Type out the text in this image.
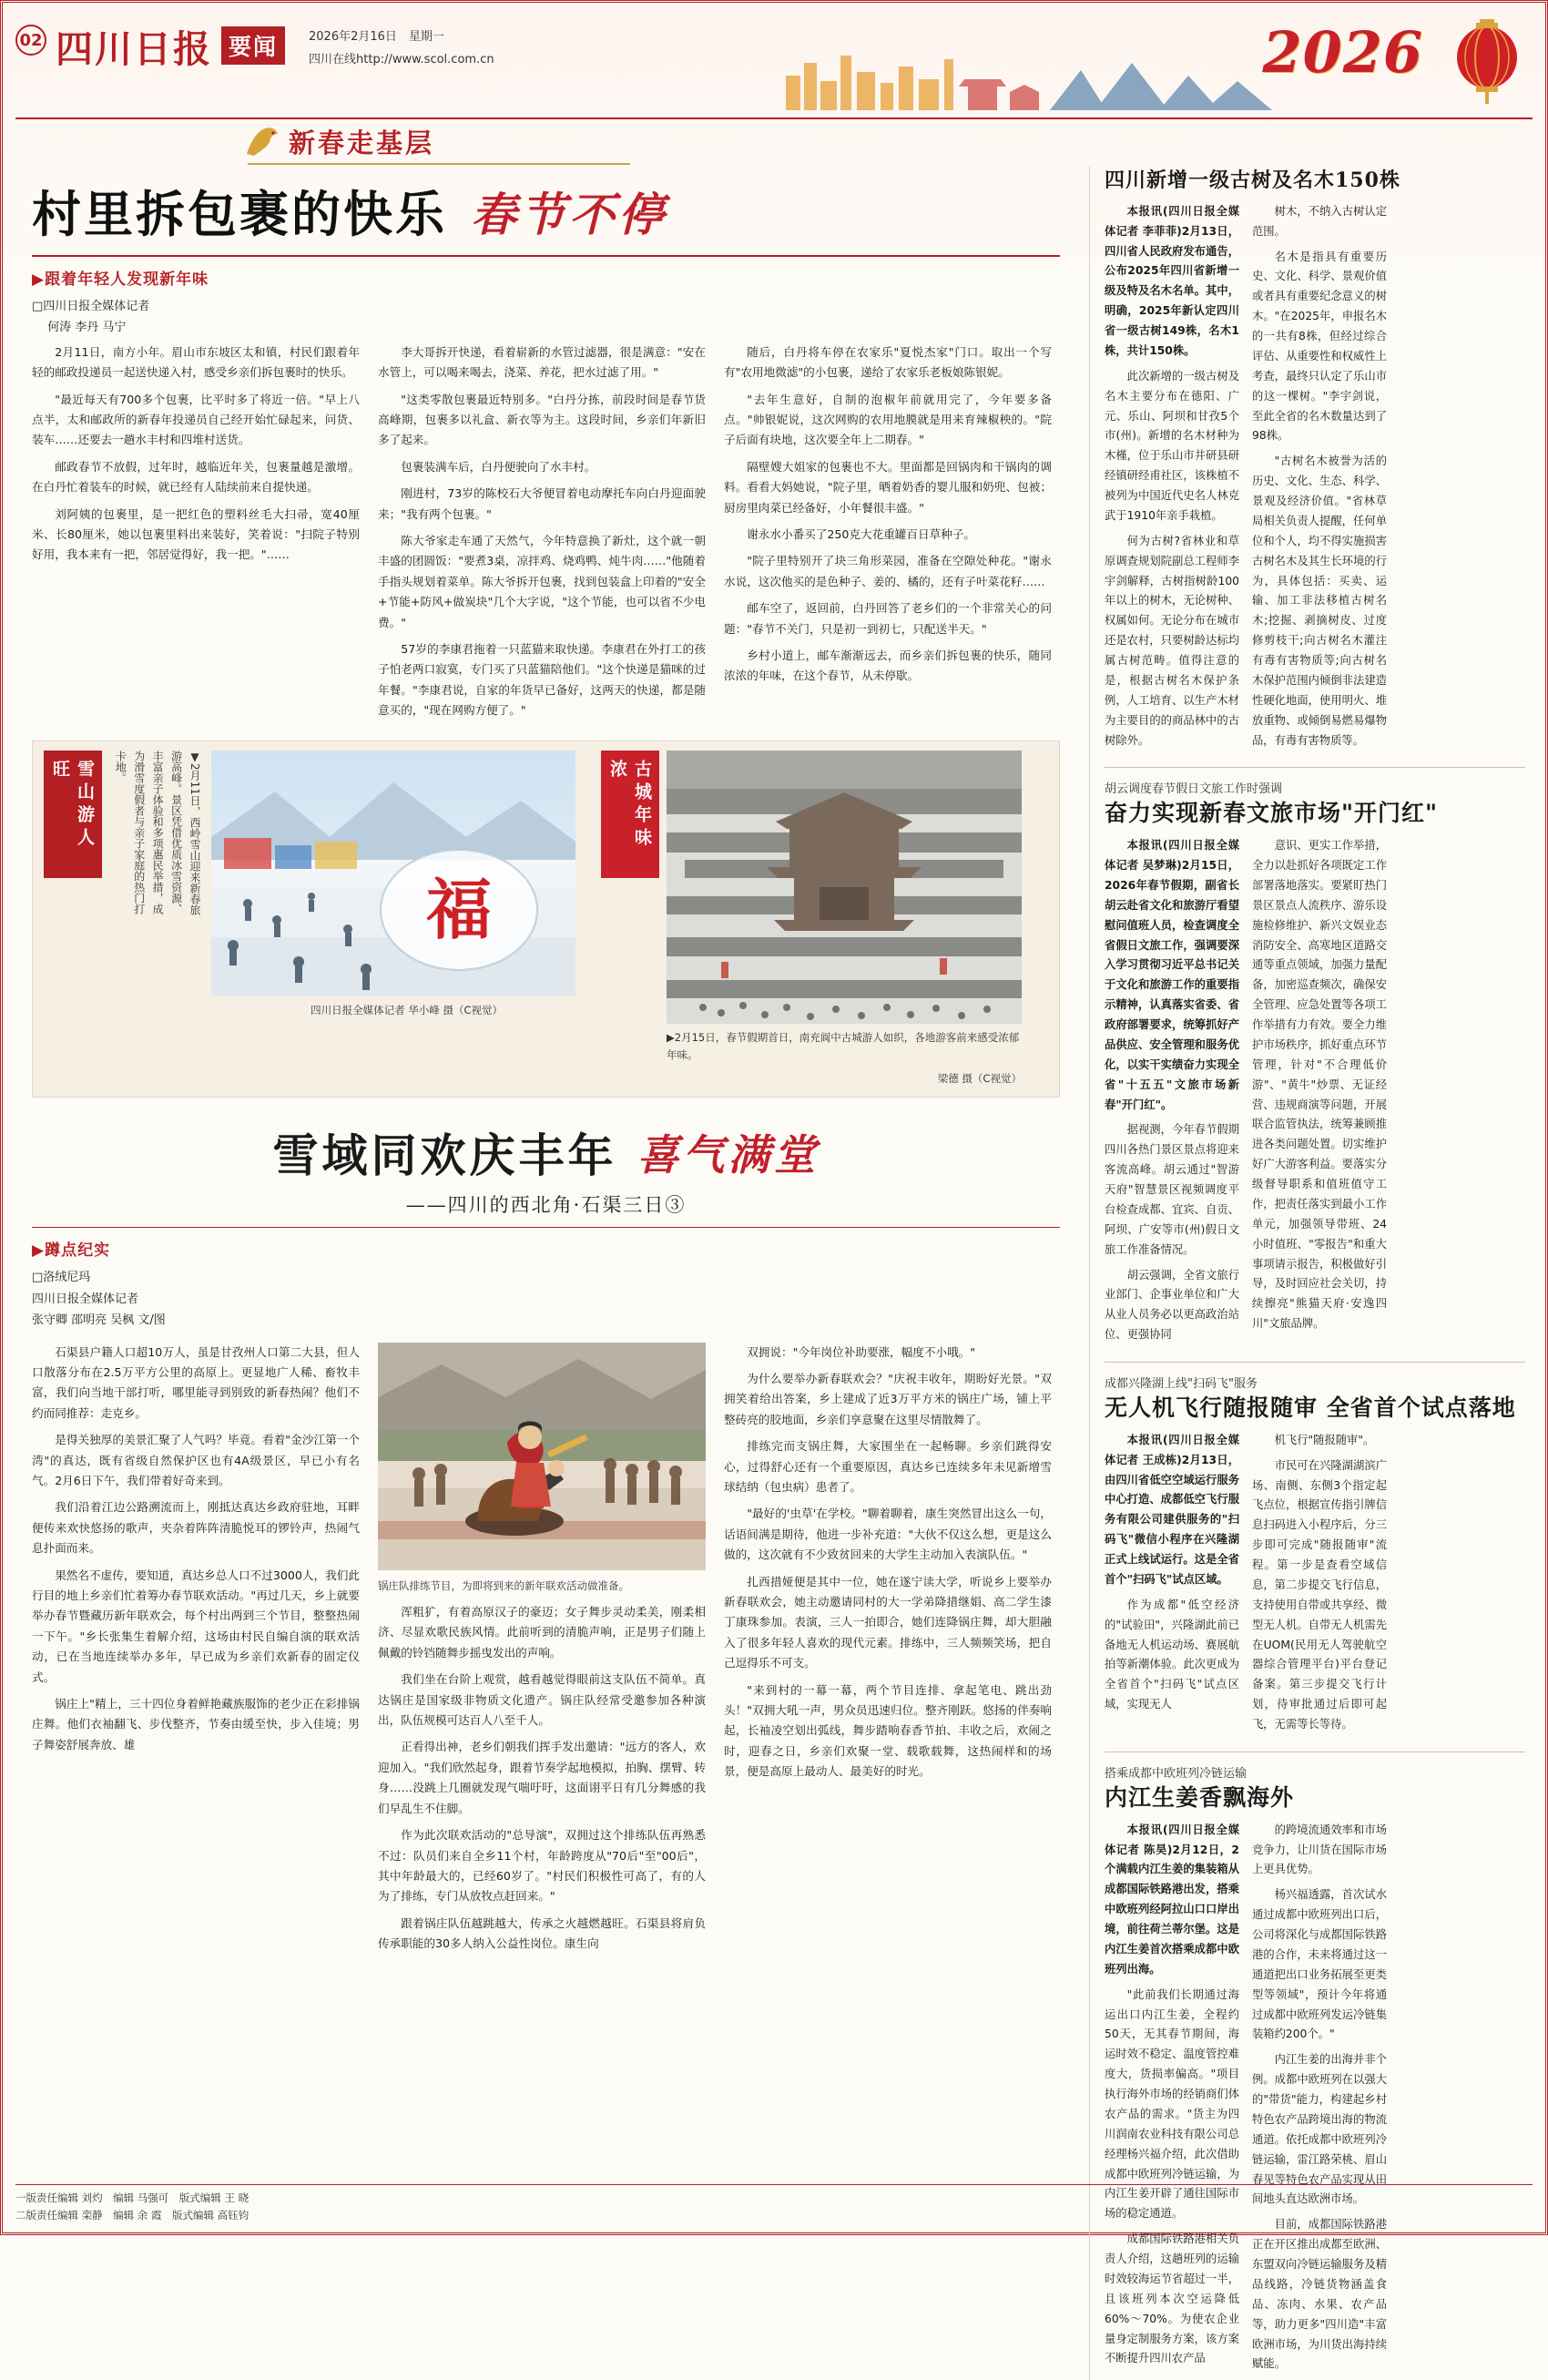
02 四川日报 要闻	2026年2月16日　星期一
四川在线http://www.scol.com.cn	2026
新春走基层
村里拆包裹的快乐 春节不停
▶跟着年轻人发现新年味
□四川日报全媒体记者
　 何涛 李丹 马宁

2月11日，南方小年。眉山市东坡区太和镇，村民们跟着年轻的邮政投递员一起送快递入村，感受乡亲们拆包裹时的快乐。

"最近每天有700多个包裹，比平时多了将近一倍。"早上八点半，太和邮政所的新春年投递员自己经开始忙碌起来，问货、装车……还要去一趟水丰村和四堆村送货。

邮政春节不放假，过年时，越临近年关，包裹量越是激增。在白丹忙着装车的时候，就已经有人陆续前来自提快递。

刘阿姨的包裹里，是一把红色的塑料丝毛大扫帚，宽40厘米、长80厘米，她以包裹里料出来装好，笑着说："扫院子特别好用，我本来有一把，邻居觉得好，我一把。"……

李大哥拆开快递，看着崭新的水管过滤器，很是满意："安在水管上，可以喝来喝去，浇菜、养花，把水过滤了用。"

"这类零散包裹最近特别多。"白丹分拣，前段时间是春节货高峰期，包裹多以礼盒、新衣等为主。这段时间，乡亲们年新旧多了起来。

包裹装满车后，白丹便驶向了水丰村。

刚进村，73岁的陈校石大爷便冒着电动摩托车向白丹迎面驶来；"我有两个包裹。"

陈大爷家走车通了天然气，今年特意换了新灶，这个就一朝丰盛的团圆饭："要煮3桌，凉拌鸡、烧鸡鸭、炖牛肉……"他随着手指头规划着菜单。陈大爷拆开包裹，找到包装盒上印着的"安全+节能+防风+做炭块"几个大字说，"这个节能，也可以省不少电费。"

57岁的李康君拖着一只蓝猫来取快递。李康君在外打工的孩子怕老两口寂寞，专门买了只蓝猫陪他们。"这个快递是猫咪的过年餐。"李康君说，自家的年货早已备好，这两天的快递，都是随意买的，"现在网购方便了。"

随后，白丹将车停在农家乐"夏悦杰家"门口。取出一个写有"农用地微滤"的小包裹，递给了农家乐老板娘陈银妮。

"去年生意好，自制的泡椒年前就用完了，今年要多备点。"帅银妮说，这次网购的农用地膜就是用来育辣椒秧的。"院子后面有块地，这次要全年上二期春。"

隔壁嫂大姐家的包裹也不大。里面都是回锅肉和干锅肉的调料。看看大妈她说，"院子里，晒着奶香的婴儿服和奶兜、包被；厨房里肉菜已经备好，小年餐很丰盛。"

谢永水小番买了250克大花重罐百日草种子。

"院子里特别开了块三角形菜园，准备在空隙处种花。"谢永水说，这次他买的是色种子、姜的、橘的，还有子叶菜花籽……

邮车空了，返回前，白丹回答了老乡们的一个非常关心的问题："春节不关门，只是初一到初七，只配送半天。"

乡村小道上，邮车渐渐远去，而乡亲们拆包裹的快乐，随同浓浓的年味，在这个春节，从未停歇。

雪山游人旺	▼2月11日，西岭雪山迎来新春旅游高峰。景区凭借优质冰雪资源、丰富亲子体验和多项惠民举措，成为滑雪度假者与亲子家庭的热门打卡地。
福
四川日报全媒体记者 华小峰 摄（C视觉）
古城年味浓
▶2月15日，春节假期首日，南充阆中古城游人如织，各地游客前来感受浓郁年味。
梁德 摄（C视觉）
雪域同欢庆丰年 喜气满堂
——四川的西北角·石渠三日③
▶蹲点纪实
□洛绒尼玛
四川日报全媒体记者
张守卿 邵明亮 吴枫 文/图

石渠县户籍人口超10万人，虽是甘孜州人口第二大县，但人口散落分布在2.5万平方公里的高原上。更显地广人稀、畜牧丰富，我们向当地干部打听，哪里能寻到别致的新春热闹？他们不约而同推荐：走克乡。

是得关独厚的美景汇聚了人气吗？毕竟。看着"金沙江第一个湾"的真达，既有省级自然保护区也有4A级景区，早已小有名气。2月6日下午，我们带着好奇来到。

我们沿着江边公路溯流而上，刚抵达真达乡政府驻地，耳畔便传来欢快悠扬的歌声，夹杂着阵阵清脆悦耳的锣铃声，热闹气息扑面而来。

果然名不虚传，要知道，真达乡总人口不过3000人，我们此行目的地上乡亲们忙着筹办春节联欢活动。"再过几天，乡上就要举办春节暨藏历新年联欢会，每个村出两到三个节目，整整热闹一下午。"乡长张集生着解介绍，这场由村民自编自演的联欢活动，已在当地连续举办多年，早已成为乡亲们欢新春的固定仪式。

锅庄上"精上，三十四位身着鲜艳藏族服饰的老少正在彩排锅庄舞。他们衣袖翻飞、步伐整齐，节奏由缓至快，步入佳境；男子舞姿舒展奔放、雄

锅庄队排练节目，为即将到来的新年联欢活动做准备。

浑粗犷，有着高原汉子的豪迈；女子舞步灵动柔美，刚柔相济、尽显欢歌民族风情。此前听到的清脆声响，正是男子们随上佩戴的铃铛随舞步摇曳发出的声响。

我们坐在台阶上观赏，越看越觉得眼前这支队伍不简单。真达锅庄是国家级非物质文化遗产。锅庄队经常受邀参加各种演出，队伍规模可达百人八至千人。

正看得出神，老乡们朝我们挥手发出邀请："远方的客人，欢迎加入。"我们欣然起身，跟着节奏学起地模拟，拍胸、摆臂、转身……没跳上几圈就发现气喘吁吁，这面诩平日有几分舞感的我们早乱生不住脚。

作为此次联欢活动的"总导演"，双拥过这个排练队伍再熟悉不过：队员们来自全乡11个村，年龄跨度从"70后"至"00后"，其中年龄最大的，已经60岁了。"村民们积极性可高了，有的人为了排练，专门从放牧点赶回来。"

跟着锅庄队伍越跳越大，传承之火越燃越旺。石渠县将肩负传承职能的30多人纳入公益性岗位。康生向

双拥说："今年岗位补助要涨，幅度不小哦。"

为什么要举办新春联欢会？"庆祝丰收年，期盼好光景。"双拥笑着给出答案，乡上建成了近3万平方米的锅庄广场，铺上平整砖亮的胶地面，乡亲们享意聚在这里尽情散舞了。

排练完而支锅庄舞，大家围坐在一起畅聊。乡亲们跳得安心，过得舒心还有一个重要原因，真达乡已连续多年未见新增雪球结纳（包虫病）患者了。

"最好的'虫草'在学校。"聊着聊着，康生突然冒出这么一句，话语间满是期待，他进一步补充道："大伙不仅这么想，更是这么做的，这次就有不少致贫回来的大学生主动加入表演队伍。"

扎西措娅便是其中一位，她在遂宁读大学，听说乡上要举办新春联欢会，她主动邀请同村的大一学弟降措继娟、高二学生漆丁康珠参加。表演，三人一拍即合，她们连降锅庄舞，却大胆融入了很多年轻人喜欢的现代元素。排练中，三人频频笑场，把自己逗得乐不可支。

"来到村的一幕一幕，两个节目连排、拿起笔电、跳出劲头！"双拥大吼一声，男众员迅速归位。整齐刚跃。悠扬的伴奏响起，长袖凌空划出弧线，舞步踏响春香节拍、丰收之后，欢闹之时，迎春之日，乡亲们欢聚一堂、载歌载舞，这热闹样和的场景，便是高原上最动人、最美好的时光。

四川新增一级古树及名木150株

本报讯(四川日报全媒体记者 李菲菲)2月13日，四川省人民政府发布通告，公布2025年四川省新增一级及特及名木名单。其中，明确，2025年新认定四川省一级古树149株，名木1株，共计150株。

此次新增的一级古树及名木主要分布在德阳、广元、乐山、阿坝和甘孜5个市(州)。新增的名木材种为木槿，位于乐山市井研县研经镇研经甫社区，该株植不被列为中国近代史名人林克武于1910年亲手栽植。

何为古树?省林业和草原调查规划院副总工程师李宇剑解释，古树指树龄100年以上的树木，无论树种、权属如何。无论分布在城市还是农村，只要树龄达标均属古树范畴。值得注意的是，根据古树名木保护条例，人工培育、以生产木材为主要目的的商品林中的古树除外。

树木，不纳入古树认定范围。

名木是指具有重要历史、文化、科学、景观价值或者具有重要纪念意义的树木。"在2025年，申报名木的一共有8株，但经过综合评估、从重要性和权威性上考查，最终只认定了乐山市的这一棵树。"李宇剑说，至此全省的名木数量达到了98株。

"古树名木被誉为活的历史、文化、生态、科学、景观及经济价值。"省林草局相关负责人提醒，任何单位和个人，均不得实施损害古树名木及其生长环境的行为，具体包括：买卖、运输、加工非法移植古树名木;挖掘、剥摘树皮、过度修剪枝干;向古树名木灌注有毒有害物质等;向古树名木保护范围内倾倒非法建造性硬化地面，使用明火、堆放重物、或倾倒易燃易爆物品，有毒有害物质等。

胡云调度春节假日文旅工作时强调
奋力实现新春文旅市场"开门红"

本报讯(四川日报全媒体记者 吴梦琳)2月15日，2026年春节假期，副省长胡云赴省文化和旅游厅看望慰问值班人员，检查调度全省假日文旅工作，强调要深入学习贯彻习近平总书记关于文化和旅游工作的重要指示精神，认真落实省委、省政府部署要求，统筹抓好产品供应、安全管理和服务优化，以实干实绩奋力实现全省"十五五"文旅市场新春"开门红"。

据视测，今年春节假期四川各热门景区景点将迎来客流高峰。胡云通过"智游天府"智慧景区视频调度平台检查成都、宜宾、自贡、阿坝、广安等市(州)假日文旅工作准备情况。

胡云强调，全省文旅行业部门、企事业单位和广大从业人员务必以更高政治站位、更强协同

意识、更实工作举措，全力以赴抓好各项既定工作部署落地落实。要紧盯热门景区景点人流秩序、游乐设施检修维护、新兴文娱业态消防安全、高寒地区道路交通等重点领域，加强力量配备，加密巡查频次，确保安全管理、应急处置等各项工作举措有力有效。要全力维护市场秩序，抓好重点环节管理，针对"不合理低价游"、"黄牛"炒票、无证经营、违规商演等问题，开展联合监管执法，统筹兼顾推进各类问题处置。切实维护好广大游客利益。要落实分级督导职系和值班值守工作，把责任落实到最小工作单元，加强领导带班、24小时值班、"零报告"和重大事项请示报告，积极做好引导，及时回应社会关切，持续擦亮"熊猫天府·安逸四川"文旅品牌。

成都兴隆湖上线"扫码飞"服务
无人机飞行随报随审 全省首个试点落地

本报讯(四川日报全媒体记者 王成栋)2月13日，由四川省低空空域运行服务中心打造、成都低空飞行服务有限公司建供服务的"扫码飞"微信小程序在兴隆湖正式上线试运行。这是全省首个"扫码飞"试点区域。

作为成都"低空经济的"试验田"，兴隆湖此前已备地无人机运动场、赛展航拍等新潮体验。此次更成为全省首个"扫码飞"试点区域，实现无人

机飞行"随报随审"。

市民可在兴隆湖湖滨广场、南侧、东侧3个指定起飞点位，根据宣传指引牌信息扫码进入小程序后，分三步即可完成"随报随审"流程。第一步是查看空域信息，第二步提交飞行信息，支持使用自带或共享经、微型无人机。自带无人机需先在UOM(民用无人驾驶航空器综合管理平台)平台登记备案。第三步提交飞行计划，待审批通过后即可起飞，无需等长等待。

搭乘成都中欧班列冷链运输
内江生姜香飘海外

本报讯(四川日报全媒体记者 陈昊)2月12日，2个满载内江生姜的集装箱从成都国际铁路港出发，搭乘中欧班列经阿拉山口口岸出境，前往荷兰蒂尔堡。这是内江生姜首次搭乘成都中欧班列出海。

"此前我们长期通过海运出口内江生姜，全程约50天，无其春节期间，海运时效不稳定、温度管控难度大，货损率偏高。"项目执行海外市场的经销商们体农产品的需求。"货主为四川润南农业科技有限公司总经理杨兴福介绍，此次借助成都中欧班列冷链运输，为内江生姜开辟了通往国际市场的稳定通道。

成都国际铁路港相关负责人介绍，这趟班列的运输时效较海运节省超过一半，且该班列本次空运降低60%～70%。为使农企业量身定制服务方案，该方案不断提升四川农产品

的跨境流通效率和市场竞争力，让川货在国际市场上更具优势。

杨兴福透露，首次试水通过成都中欧班列出口后，公司将深化与成都国际铁路港的合作，未来将通过这一通道把出口业务拓展至更类型等领域"，预计今年将通过成都中欧班列发运冷链集装箱约200个。"

内江生姜的出海并非个例。成都中欧班列在以强大的"带货"能力，构建起乡村特色农产品跨境出海的物流通道。依托成都中欧班列冷链运输，雷江路荣桃、眉山春见等特色农产品实现从田间地头直达欧洲市场。

目前，成都国际铁路港正在开区推出成都至欧洲、东盟双向冷链运输服务及精品线路，冷链货物涵盖食品、冻肉、水果、农产品等，助力更多"四川造"丰富欧洲市场，为川货出海持续赋能。

一版责任编辑 刘灼　编辑 马强可　版式编辑 王 晓
二版责任编辑 栾静　编辑 余 霞　版式编辑 高钰钧
